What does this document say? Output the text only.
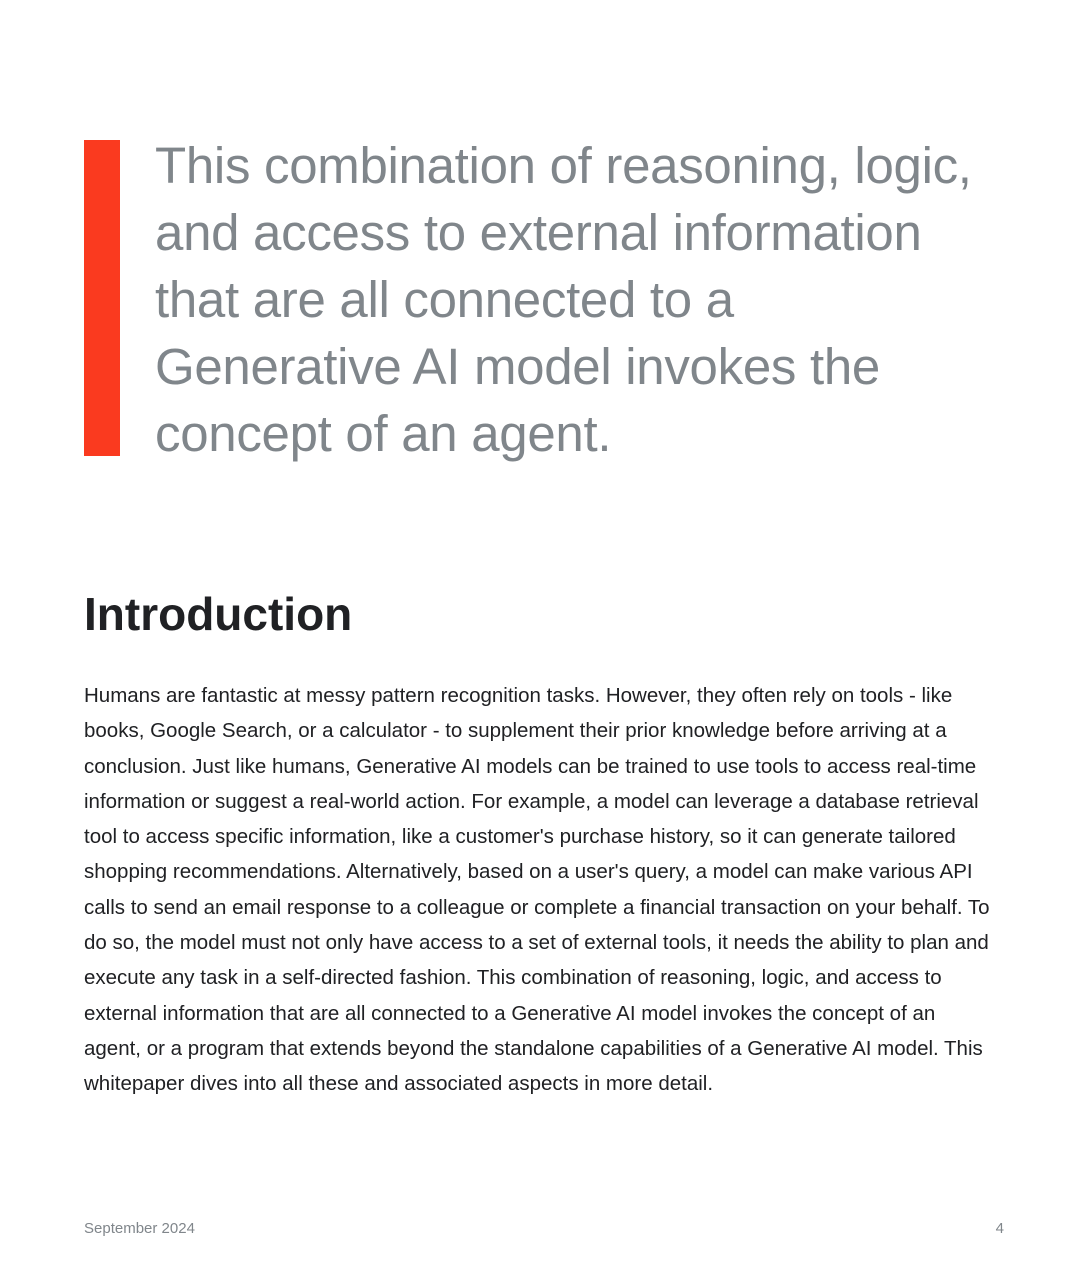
This combination of reasoning, logic, and access to external information that are all connected to a Generative AI model invokes the concept of an agent.

Introduction

Humans are fantastic at messy pattern recognition tasks. However, they often rely on tools - like books, Google Search, or a calculator - to supplement their prior knowledge before arriving at a conclusion. Just like humans, Generative AI models can be trained to use tools to access real-time information or suggest a real-world action. For example, a model can leverage a database retrieval tool to access specific information, like a customer's purchase history, so it can generate tailored shopping recommendations. Alternatively, based on a user's query, a model can make various API calls to send an email response to a colleague or complete a financial transaction on your behalf. To do so, the model must not only have access to a set of external tools, it needs the ability to plan and execute any task in a self-directed fashion. This combination of reasoning, logic, and access to external information that are all connected to a Generative AI model invokes the concept of an agent, or a program that extends beyond the standalone capabilities of a Generative AI model. This whitepaper dives into all these and associated aspects in more detail.

September 2024	4
